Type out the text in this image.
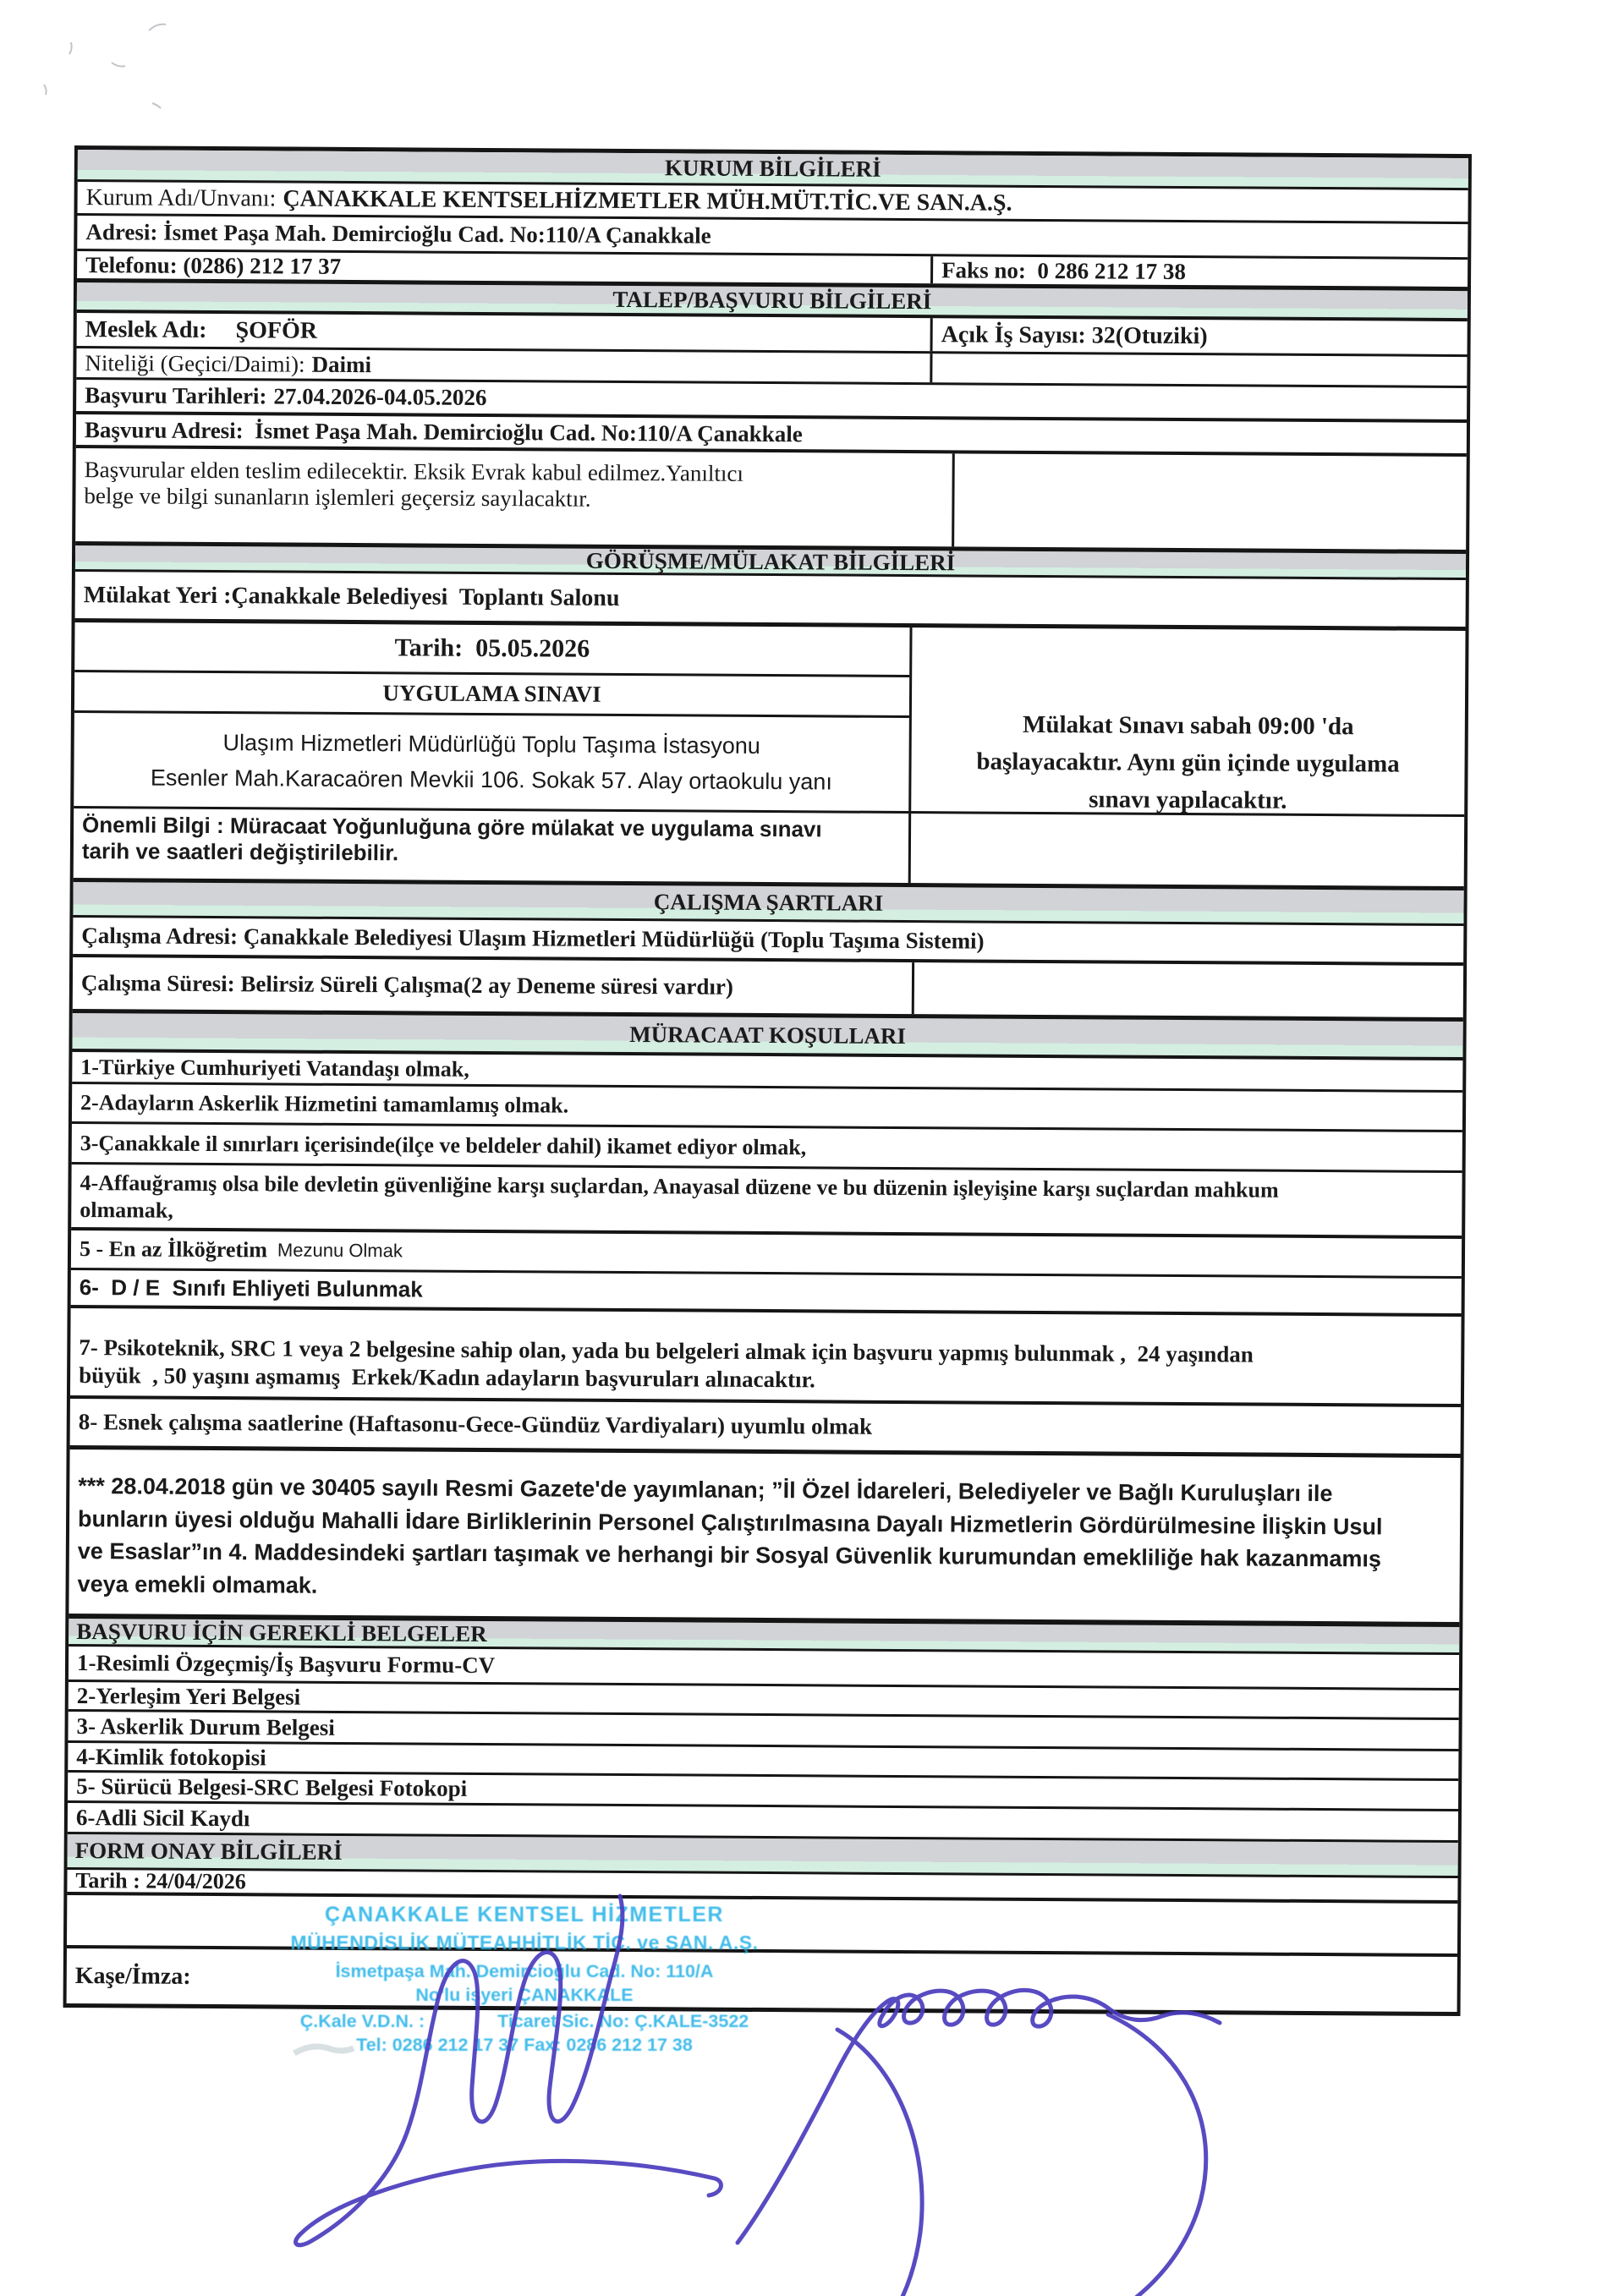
KURUM BİLGİLERİ
Kurum Adı/Unvanı: ÇANAKKALE KENTSELHİZMETLER MÜH.MÜT.TİC.VE SAN.A.Ş.
Adresi: İsmet Paşa Mah. Demircioğlu Cad. No:110/A Çanakkale
Telefonu: (0286) 212 17 37	Faks no:  0 286 212 17 38
TALEP/BAŞVURU BİLGİLERİ
Meslek Adı: ŞOFÖR	Açık İş Sayısı: 32(Otuziki)
Niteliği (Geçici/Daimi): Daimi
Başvuru Tarihleri: 27.04.2026-04.05.2026
Başvuru Adresi:  İsmet Paşa Mah. Demircioğlu Cad. No:110/A Çanakkale
Başvurular elden teslim edilecektir. Eksik Evrak kabul edilmez.Yanıltıcı
belge ve bilgi sunanların işlemleri geçersiz sayılacaktır.
GÖRÜŞME/MÜLAKAT BİLGİLERİ
Mülakat Yeri :Çanakkale Belediyesi  Toplantı Salonu
Tarih:  05.05.2026
UYGULAMA SINAVI
Ulaşım Hizmetleri Müdürlüğü Toplu Taşıma İstasyonu
Esenler Mah.Karacaören Mevkii 106. Sokak 57. Alay ortaokulu yanı
Mülakat Sınavı sabah 09:00 'da
başlayacaktır. Aynı gün içinde uygulama
sınavı yapılacaktır.
Önemli Bilgi : Müracaat Yoğunluğuna göre mülakat ve uygulama sınavı
tarih ve saatleri değiştirilebilir.
ÇALIŞMA ŞARTLARI
Çalışma Adresi: Çanakkale Belediyesi Ulaşım Hizmetleri Müdürlüğü (Toplu Taşıma Sistemi)
Çalışma Süresi: Belirsiz Süreli Çalışma(2 ay Deneme süresi vardır)
MÜRACAAT KOŞULLARI
1-Türkiye Cumhuriyeti Vatandaşı olmak,
2-Adayların Askerlik Hizmetini tamamlamış olmak.
3-Çanakkale il sınırları içerisinde(ilçe ve beldeler dahil) ikamet ediyor olmak,
4-Affauğramış olsa bile devletin güvenliğine karşı suçlardan, Anayasal düzene ve bu düzenin işleyişine karşı suçlardan mahkum
olmamak,
5 - En az İlköğretim Mezunu Olmak
6-  D / E  Sınıfı Ehliyeti Bulunmak
7- Psikoteknik, SRC 1 veya 2 belgesine sahip olan, yada bu belgeleri almak için başvuru yapmış bulunmak ,  24 yaşından
büyük  , 50 yaşını aşmamış  Erkek/Kadın adayların başvuruları alınacaktır.
8- Esnek çalışma saatlerine (Haftasonu-Gece-Gündüz Vardiyaları) uyumlu olmak
*** 28.04.2018 gün ve 30405 sayılı Resmi Gazete'de yayımlanan; ”İl Özel İdareleri, Belediyeler ve Bağlı Kuruluşları ile
bunların üyesi olduğu Mahalli İdare Birliklerinin Personel Çalıştırılmasına Dayalı Hizmetlerin Gördürülmesine İlişkin Usul
ve Esaslar”ın 4. Maddesindeki şartları taşımak ve herhangi bir Sosyal Güvenlik kurumundan emekliliğe hak kazanmamış
veya emekli olmamak.
BAŞVURU İÇİN GEREKLİ BELGELER
1-Resimli Özgeçmiş/İş Başvuru Formu-CV
2-Yerleşim Yeri Belgesi
3- Askerlik Durum Belgesi
4-Kimlik fotokopisi
5- Sürücü Belgesi-SRC Belgesi Fotokopi
6-Adli Sicil Kaydı
FORM ONAY BİLGİLERİ
Tarih : 24/04/2026
Kaşe/İmza:
ÇANAKKALE KENTSEL HİZMETLER
MÜHENDİSLİK MÜTEAHHİTLİK TİC. ve SAN. A.Ş.
İsmetpaşa Mah. Demircioğlu Cad. No: 110/A
No'lu işyeri ÇANAKKALE
Ç.Kale V.D.N. :	Ticaret Sic. No: Ç.KALE-3522
Tel: 0286 212 17 37 Fax: 0286 212 17 38
